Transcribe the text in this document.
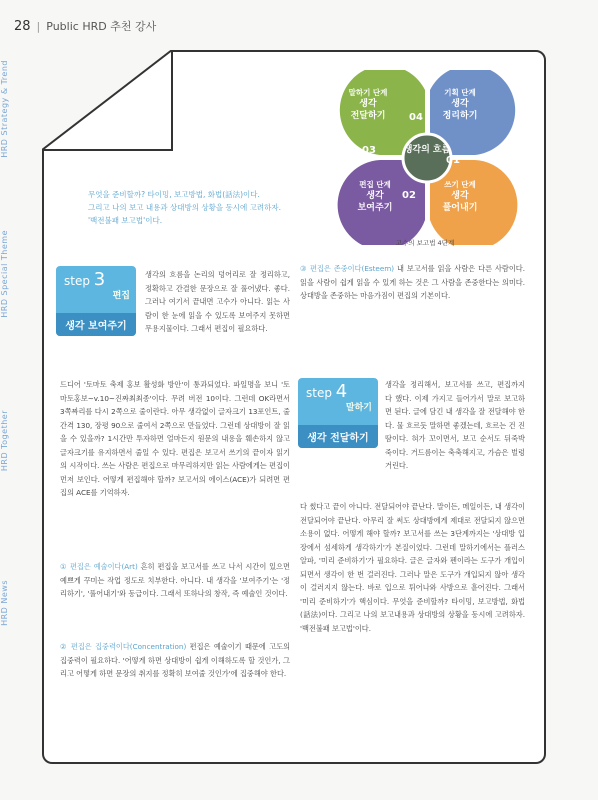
28 | Public HRD 추천 강사
HRD Strategy & Trend
HRD Special Theme
HRD Together
HRD News
무엇을 준비할까? 타이밍, 보고방법, 화법(話法)이다.
그리고 나의 보고 내용과 상대방의 상황을 동시에 고려하자.
'백전불패 보고법'이다.
말하기 단계
생각
전달하기
기획 단계
생각
정리하기
편집 단계
생각
보여주기
쓰기 단계
생각
풀어내기
04
01
03
02
생각의 흐름
고수의 보고법 4단계
step 3
편집
생각 보여주기
생각의 흐름을 논리의 덩어리로 잘 정리하고, 정확하고 간결한 문장으로 잘 풀어냈다. 좋다. 그러나 여기서 끝내면 고수가 아니다. 읽는 사람이 한 눈에 읽을 수 있도록 보여주지 못하면 무용지물이다. 그래서 편집이 필요하다.
드디어 '토마토 축제 홍보 활성화 방안'이 통과되었다. 파일명을 보니 '토마토홍보~v.10~진짜최최종'이다. 무려 버전 10이다. 그런데 OK라면서 3쪽짜리를 다시 2쪽으로 줄이란다. 아무 생각없이 글자크기 13포인트, 줄간격 130, 장평 90으로 줄여서 2쪽으로 만들었다. 그런데 상대방이 잘 읽을 수 있을까? 1시간만 투자하면 얼마든지 원문의 내용을 훼손하지 않고 글자크기를 유지하면서 줄일 수 있다. 편집은 보고서 쓰기의 끝이자 읽기의 시작이다. 쓰는 사람은 편집으로 마무리하지만 읽는 사람에게는 편집이 먼저 보인다. 어떻게 편집해야 할까? 보고서의 에이스(ACE)가 되려면 편집의 ACE를 기억하자.
① 편집은 예술이다(Art) 흔히 편집을 보고서를 쓰고 나서 시간이 있으면 예쁘게 꾸미는 작업 정도로 치부한다. 아니다. 내 생각을 '보여주기'는 '정리하기', '풀어내기'와 동급이다. 그래서 또하나의 창작, 즉 예술인 것이다.
② 편집은 집중력이다(Concentration) 편집은 예술이기 때문에 고도의 집중력이 필요하다. '어떻게 하면 상대방이 쉽게 이해하도록 할 것인가, 그리고 어떻게 하면 문장의 취지를 정확히 보여줄 것인가'에 집중해야 한다.
③ 편집은 존중이다(Esteem) 내 보고서를 읽을 사람은 다른 사람이다. 읽을 사람이 쉽게 읽을 수 있게 하는 것은 그 사람을 존중한다는 의미다. 상대방을 존중하는 마음가짐이 편집의 기본이다.
step 4
말하기
생각 전달하기
생각을 정리해서, 보고서를 쓰고, 편집까지 다 했다. 이제 가지고 들어가서 말로 보고하면 된다. 글에 담긴 내 생각을 잘 전달해야 한다. 물 흐르듯 말하면 좋겠는데, 흐르는 건 진땀이다. 혀가 꼬이면서, 보고 순서도 뒤죽박죽이다. 거드름이는 축축해지고, 가슴은 벌렁거린다.
다 썼다고 끝이 아니다. 전달되어야 끝난다. 말이든, 메일이든, 내 생각이 전달되어야 끝난다. 아무리 잘 써도 상대방에게 제대로 전달되지 않으면 소용이 없다. 어떻게 해야 할까? 보고서를 쓰는 3단계까지는 '상대방 입장에서 섬세하게 생각하기'가 본질이었다. 그런데 말하기에서는 플러스알파, '미리 준비하기'가 필요하다. 글은 글자와 펜이라는 도구가 개입이 되면서 생각이 한 번 걸러진다. 그러나 말은 도구가 개입되지 않아 생각이 걸러지지 않는다. 바로 입으로 튀어나와 사방으로 흩어진다. 그래서 '미리 준비하기'가 핵심이다. 무엇을 준비할까? 타이밍, 보고방법, 화법(話法)이다. 그리고 나의 보고내용과 상대방의 상황을 동시에 고려하자. '백전불패 보고법'이다.
